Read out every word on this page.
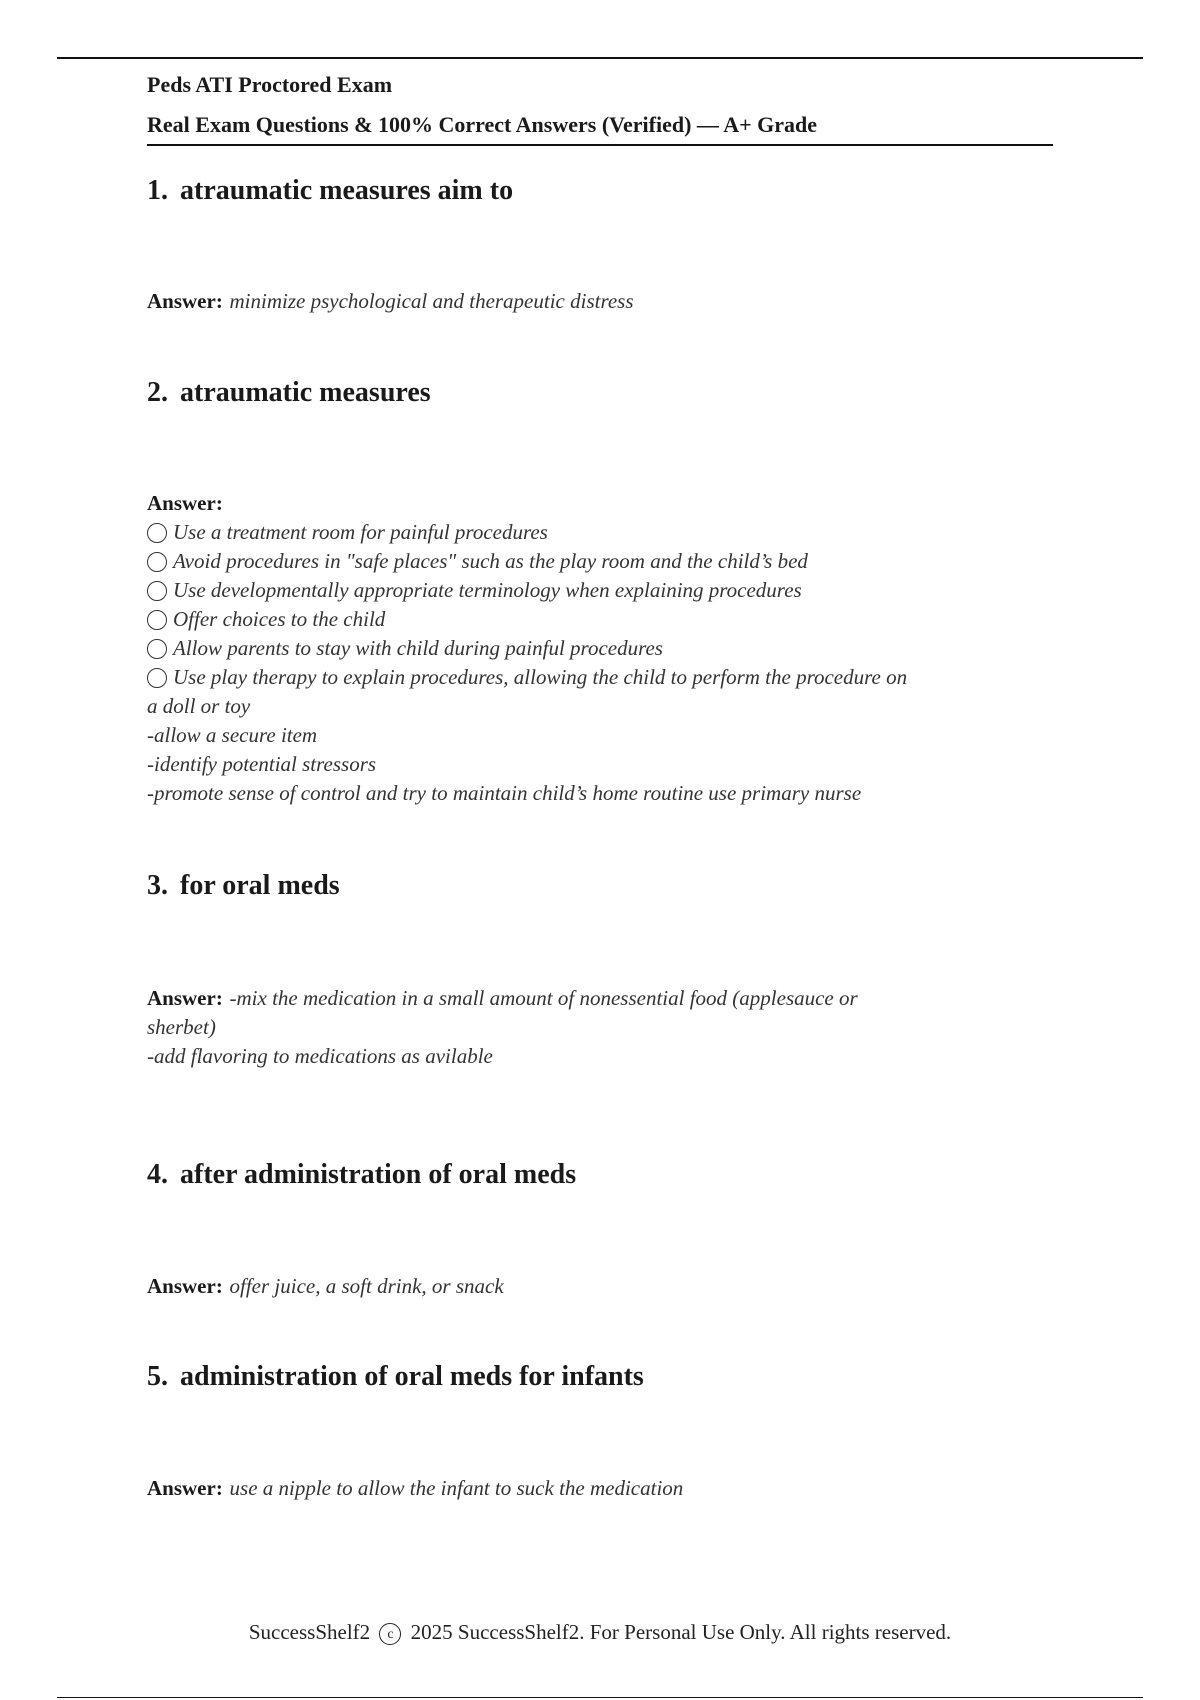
Peds ATI Proctored Exam
Real Exam Questions & 100% Correct Answers (Verified) — A+ Grade
1. atraumatic measures aim to
Answer: minimize psychological and therapeutic distress
2. atraumatic measures
Answer:
Use a treatment room for painful procedures
Avoid procedures in "safe places" such as the play room and the child’s bed
Use developmentally appropriate terminology when explaining procedures
Offer choices to the child
Allow parents to stay with child during painful procedures
Use play therapy to explain procedures, allowing the child to perform the procedure on
a doll or toy
-allow a secure item
-identify potential stressors
-promote sense of control and try to maintain child’s home routine use primary nurse
3. for oral meds
Answer: -mix the medication in a small amount of nonessential food (applesauce or
sherbet)
-add flavoring to medications as avilable
4. after administration of oral meds
Answer: offer juice, a soft drink, or snack
5. administration of oral meds for infants
Answer: use a nipple to allow the infant to suck the medication
SuccessShelf2 c 2025 SuccessShelf2. For Personal Use Only. All rights reserved.
